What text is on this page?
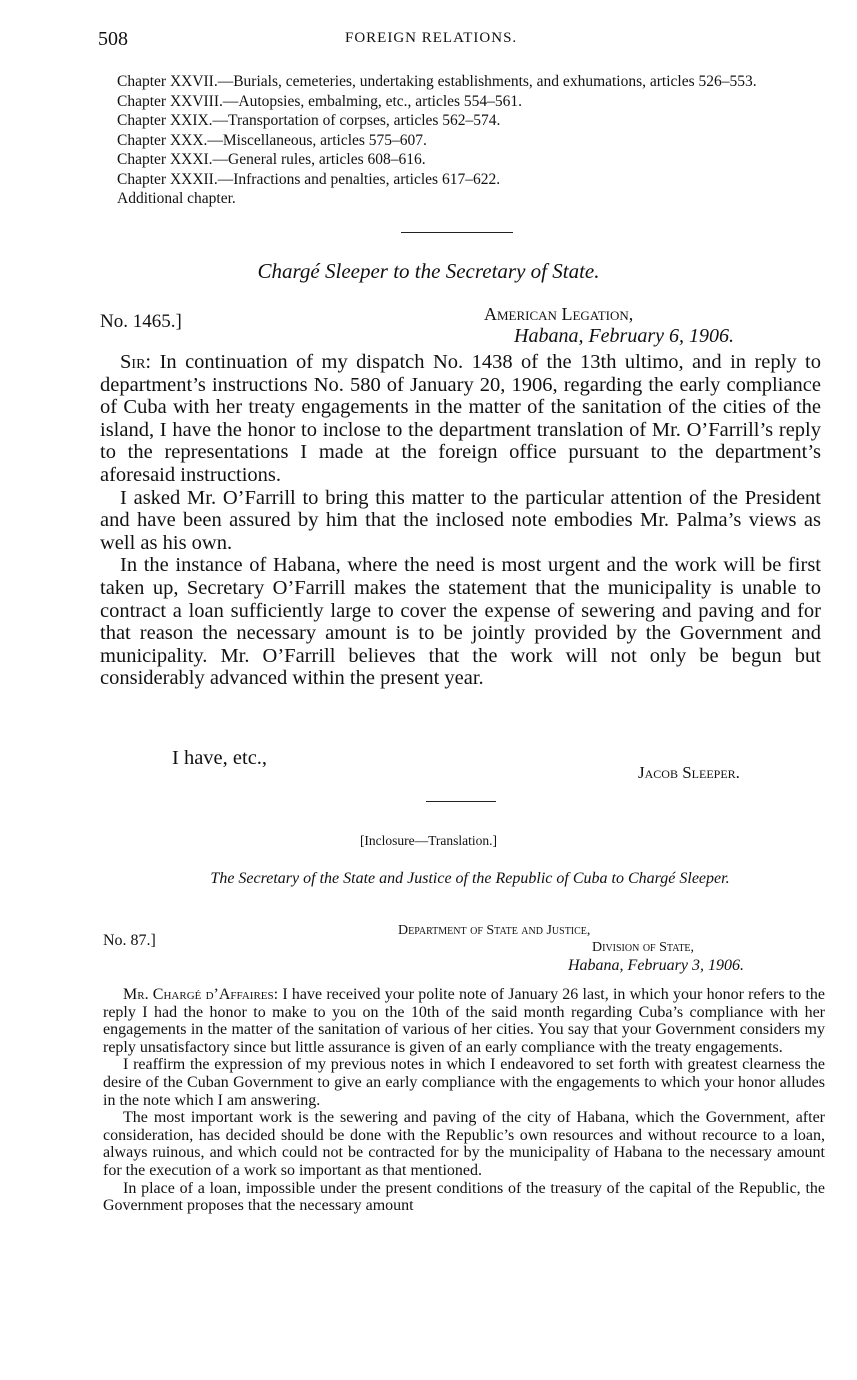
508	FOREIGN RELATIONS.
Chapter XXVII.—Burials, cemeteries, undertaking establishments, and exhumations, articles 526–553.
Chapter XXVIII.—Autopsies, embalming, etc., articles 554–561.
Chapter XXIX.—Transportation of corpses, articles 562–574.
Chapter XXX.—Miscellaneous, articles 575–607.
Chapter XXXI.—General rules, articles 608–616.
Chapter XXXII.—Infractions and penalties, articles 617–622.
Additional chapter.
Chargé Sleeper to the Secretary of State.
No. 1465.]	American Legation,
Habana, February 6, 1906.

Sir: In continuation of my dispatch No. 1438 of the 13th ultimo, and in reply to department’s instructions No. 580 of January 20, 1906, regarding the early compliance of Cuba with her treaty engagements in the matter of the sanitation of the cities of the island, I have the honor to inclose to the department translation of Mr. O’Farrill’s reply to the representations I made at the foreign office pursuant to the department’s aforesaid instructions.

I asked Mr. O’Farrill to bring this matter to the particular attention of the President and have been assured by him that the inclosed note embodies Mr. Palma’s views as well as his own.

In the instance of Habana, where the need is most urgent and the work will be first taken up, Secretary O’Farrill makes the statement that the municipality is unable to contract a loan sufficiently large to cover the expense of sewering and paving and for that reason the necessary amount is to be jointly provided by the Government and municipality. Mr. O’Farrill believes that the work will not only be begun but considerably advanced within the present year.

I have, etc.,
Jacob Sleeper.
[Inclosure—Translation.]
The Secretary of the State and Justice of the Republic of Cuba to Chargé Sleeper.
No. 87.]
Department of State and Justice,
Division of State,
Habana, February 3, 1906.

Mr. Chargé d’Affaires: I have received your polite note of January 26 last, in which your honor refers to the reply I had the honor to make to you on the 10th of the said month regarding Cuba’s compliance with her engagements in the matter of the sanitation of various of her cities. You say that your Government considers my reply unsatisfactory since but little assurance is given of an early compliance with the treaty engagements.

I reaffirm the expression of my previous notes in which I endeavored to set forth with greatest clearness the desire of the Cuban Government to give an early compliance with the engagements to which your honor alludes in the note which I am answering.

The most important work is the sewering and paving of the city of Habana, which the Government, after consideration, has decided should be done with the Republic’s own resources and without recource to a loan, always ruinous, and which could not be contracted for by the municipality of Habana to the necessary amount for the execution of a work so important as that mentioned.

In place of a loan, impossible under the present conditions of the treasury of the capital of the Republic, the Government proposes that the necessary amount
